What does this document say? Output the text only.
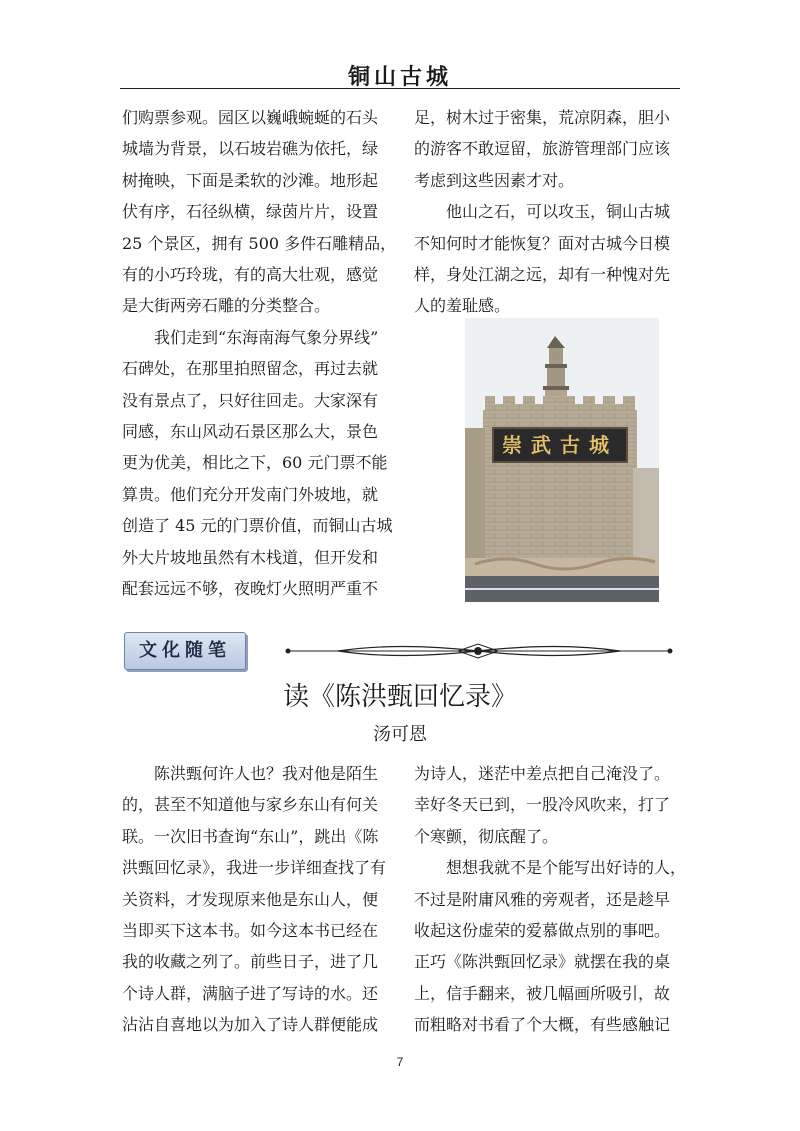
铜山古城

们购票参观。园区以巍峨蜿蜒的石头
城墙为背景，以石坡岩礁为依托，绿
树掩映，下面是柔软的沙滩。地形起
伏有序，石径纵横，绿茵片片，设置
25 个景区，拥有 500 多件石雕精品，
有的小巧玲珑，有的高大壮观，感觉
是大街两旁石雕的分类整合。

我们走到“东海南海气象分界线”
石碑处，在那里拍照留念，再过去就
没有景点了，只好往回走。大家深有
同感，东山风动石景区那么大，景色
更为优美，相比之下，60 元门票不能
算贵。他们充分开发南门外坡地，就
创造了 45 元的门票价值，而铜山古城
外大片坡地虽然有木栈道，但开发和
配套远远不够，夜晚灯火照明严重不

足，树木过于密集，荒凉阴森，胆小
的游客不敢逗留，旅游管理部门应该
考虑到这些因素才对。

他山之石，可以攻玉，铜山古城
不知何时才能恢复？面对古城今日模
样，身处江湖之远，却有一种愧对先
人的羞耻感。

崇武古城
文化随笔
读《陈洪甄回忆录》
汤可恩

陈洪甄何许人也？我对他是陌生
的，甚至不知道他与家乡东山有何关
联。一次旧书查询“东山”，跳出《陈
洪甄回忆录》，我进一步详细查找了有
关资料，才发现原来他是东山人，便
当即买下这本书。如今这本书已经在
我的收藏之列了。前些日子，进了几
个诗人群，满脑子进了写诗的水。还
沾沾自喜地以为加入了诗人群便能成

为诗人，迷茫中差点把自己淹没了。
幸好冬天已到，一股冷风吹来，打了
个寒颤，彻底醒了。

想想我就不是个能写出好诗的人，
不过是附庸风雅的旁观者，还是趁早
收起这份虚荣的爱慕做点别的事吧。
正巧《陈洪甄回忆录》就摆在我的桌
上，信手翻来，被几幅画所吸引，故
而粗略对书看了个大概，有些感触记

7
